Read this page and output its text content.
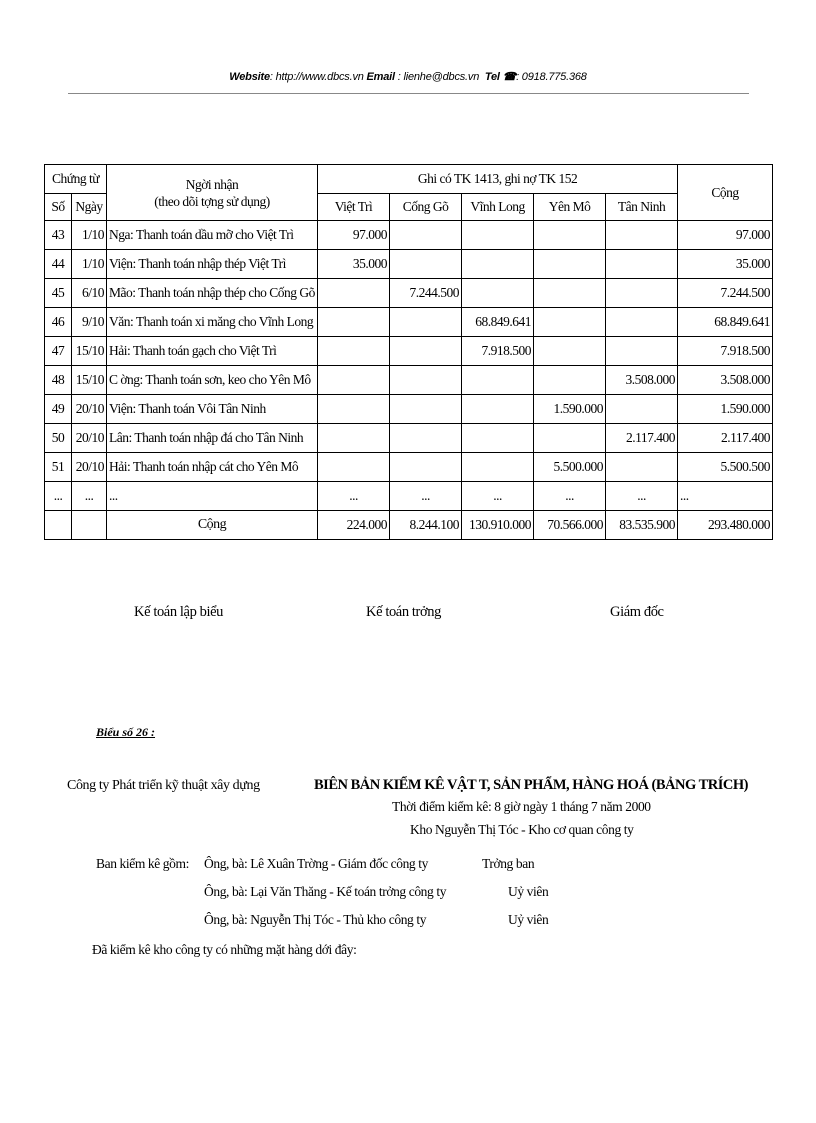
Website: http://www.dbcs.vn Email : lienhe@dbcs.vn Tel ☎: 0918.775.368
Chứng từ		Ngời nhận
(theo dõi tợng sử dụng)	Ghi có TK 1413, ghi nợ TK 152					Cộng
Số	Ngày		Việt Trì	Cống Gõ	Vĩnh Long	Yên Mô	Tân Ninh	
43	1/10	Nga: Thanh toán dầu mỡ cho Việt Trì	97.000					97.000
44	1/10	Viện: Thanh toán nhập thép Việt Trì	35.000					35.000
45	6/10	Mão: Thanh toán nhập thép cho Cống Gõ		7.244.500				7.244.500
46	9/10	Văn: Thanh toán xi măng cho Vĩnh Long			68.849.641			68.849.641
47	15/10	Hải: Thanh toán gạch cho Việt Trì			7.918.500			7.918.500
48	15/10	C ờng: Thanh toán sơn, keo cho Yên Mô					3.508.000	3.508.000
49	20/10	Viện: Thanh toán Vôi Tân Ninh				1.590.000		1.590.000
50	20/10	Lân: Thanh toán nhập đá cho Tân Ninh					2.117.400	2.117.400
51	20/10	Hải: Thanh toán nhập cát cho Yên Mô				5.500.000		5.500.500
...	...	...	...	...	...	...	...	...
		Cộng	224.000	8.244.100	130.910.000	70.566.000	83.535.900	293.480.000
Kế toán lập biểu	Kế toán trởng	Giám đốc
Biểu số 26 :
Công ty Phát triển kỹ thuật xây dựng	BIÊN BẢN KIỂM KÊ VẬT T, SẢN PHẨM, HÀNG HOÁ (BẢNG TRÍCH)
Thời điểm kiểm kê: 8 giờ ngày 1 tháng 7 năm 2000
Kho Nguyễn Thị Tóc - Kho cơ quan công ty
Ban kiểm kê gồm: Ông, bà: Lê Xuân Trờng - Giám đốc công ty	Trởng ban
Ông, bà: Lại Văn Thăng - Kế toán trởng công ty	Uỷ viên
Ông, bà: Nguyễn Thị Tóc - Thủ kho công ty	Uỷ viên
Đã kiểm kê kho công ty có những mặt hàng dới đây:
